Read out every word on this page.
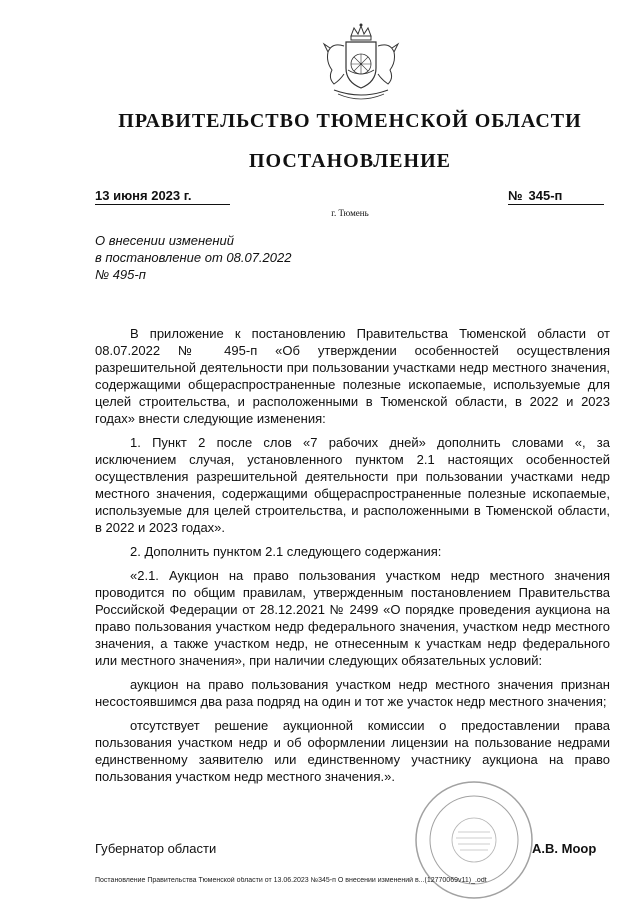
ПРАВИТЕЛЬСТВО ТЮМЕНСКОЙ ОБЛАСТИ
ПОСТАНОВЛЕНИЕ
13 июня 2023 г.	№ 345-п
г. Тюмень
О внесении изменений
в постановление от 08.07.2022
№ 495-п

В приложение к постановлению Правительства Тюменской области от 08.07.2022 № 495-п «Об утверждении особенностей осуществления разрешительной деятельности при пользовании участками недр местного значения, содержащими общераспространенные полезные ископаемые, используемые для целей строительства, и расположенными в Тюменской области, в 2022 и 2023 годах» внести следующие изменения:

1. Пункт 2 после слов «7 рабочих дней» дополнить словами «, за исключением случая, установленного пунктом 2.1 настоящих особенностей осуществления разрешительной деятельности при пользовании участками недр местного значения, содержащими общераспространенные полезные ископаемые, используемые для целей строительства, и расположенными в Тюменской области, в 2022 и 2023 годах».

2. Дополнить пунктом 2.1 следующего содержания:

«2.1. Аукцион на право пользования участком недр местного значения проводится по общим правилам, утвержденным постановлением Правительства Российской Федерации от 28.12.2021 № 2499 «О порядке проведения аукциона на право пользования участком недр федерального значения, участком недр местного значения, а также участком недр, не отнесенным к участкам недр федерального или местного значения», при наличии следующих обязательных условий:

аукцион на право пользования участком недр местного значения признан несостоявшимся два раза подряд на один и тот же участок недр местного значения;

отсутствует решение аукционной комиссии о предоставлении права пользования участком недр и об оформлении лицензии на пользование недрами единственному заявителю или единственному участнику аукциона на право пользования участком недр местного значения.».

Губернатор области	А.В. Моор
Постановление Правительства Тюменской области от 13.06.2023 №345-п О внесении изменений в...(12770069v11)_.odt
